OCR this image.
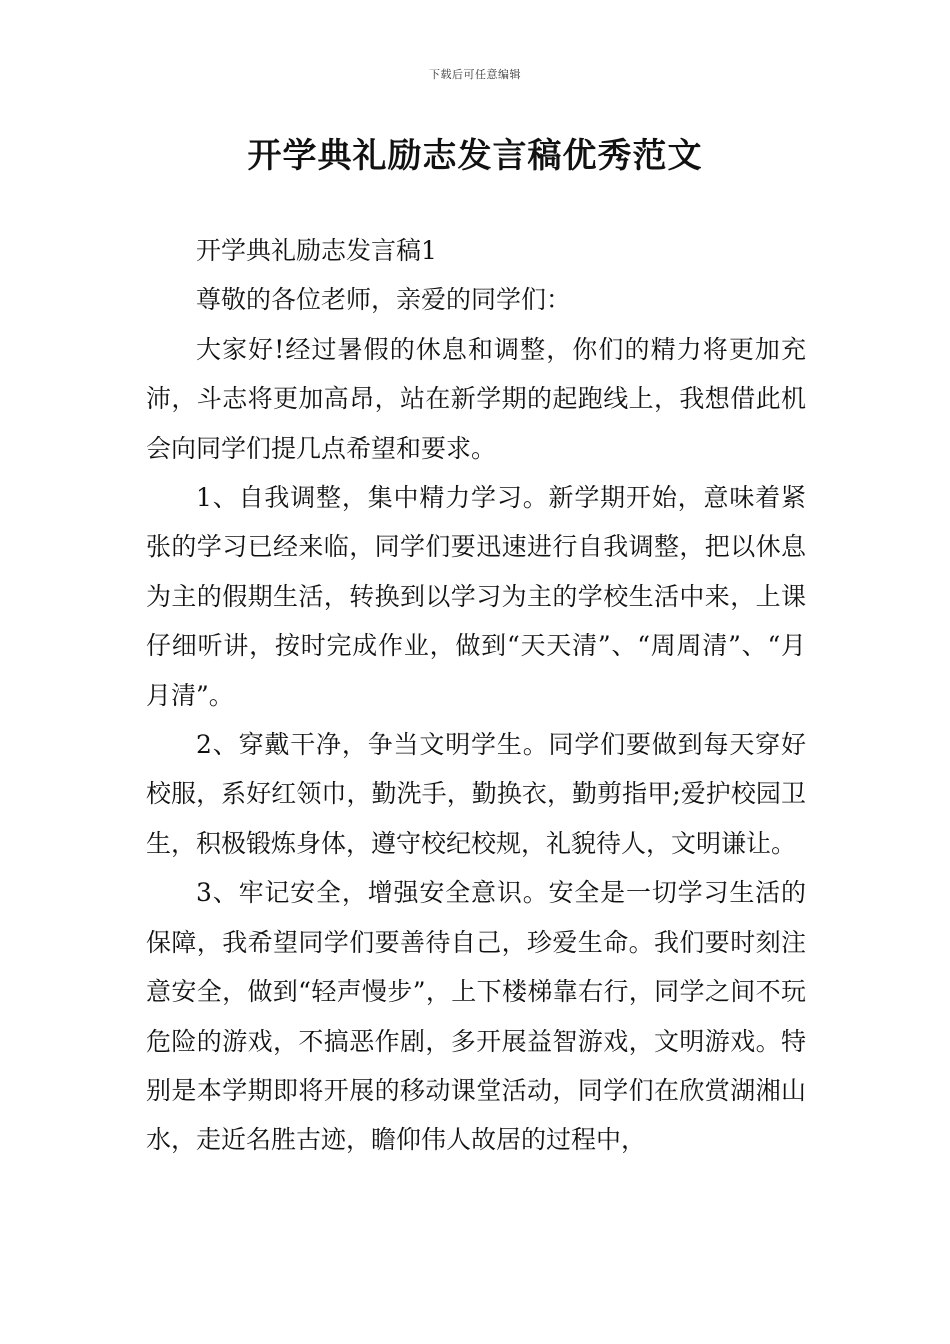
下载后可任意编辑
开学典礼励志发言稿优秀范文

开学典礼励志发言稿1

尊敬的各位老师，亲爱的同学们：

大家好!经过暑假的休息和调整，你们的精力将更加充沛，斗志将更加高昂，站在新学期的起跑线上，我想借此机会向同学们提几点希望和要求。

1、自我调整，集中精力学习。新学期开始，意味着紧张的学习已经来临，同学们要迅速进行自我调整，把以休息为主的假期生活，转换到以学习为主的学校生活中来，上课仔细听讲，按时完成作业，做到“天天清”、“周周清”、“月月清”。

2、穿戴干净，争当文明学生。同学们要做到每天穿好校服，系好红领巾，勤洗手，勤换衣，勤剪指甲;爱护校园卫生，积极锻炼身体，遵守校纪校规，礼貌待人，文明谦让。

3、牢记安全，增强安全意识。安全是一切学习生活的保障，我希望同学们要善待自己，珍爱生命。我们要时刻注意安全，做到“轻声慢步”，上下楼梯靠右行，同学之间不玩危险的游戏，不搞恶作剧，多开展益智游戏，文明游戏。特别是本学期即将开展的移动课堂活动，同学们在欣赏湖湘山水，走近名胜古迹，瞻仰伟人故居的过程中，
